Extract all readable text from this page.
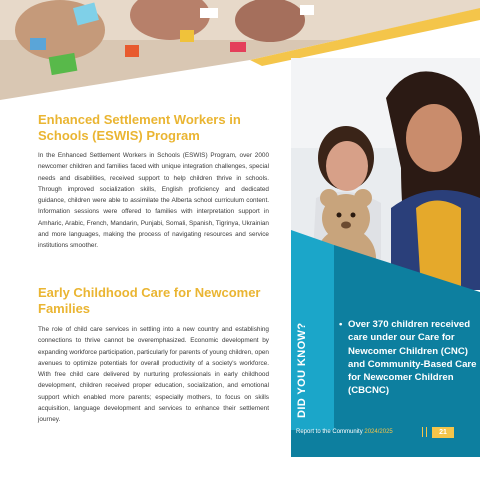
Enhanced Settlement Workers in Schools (ESWIS) Program

In the Enhanced Settlement Workers in Schools (ESWIS) Program, over 2000 newcomer children and families faced with unique integration challenges, special needs and disabilities, received support to help children thrive in schools. Through improved socialization skills, English proficiency and dedicated guidance, children were able to assimilate the Alberta school curriculum content. Information sessions were offered to families with interpretation support in Amharic, Arabic, French, Mandarin, Punjabi, Somali, Spanish, Tigrinya, Ukrainian and more languages, making the process of navigating resources and service institutions smoother.

Early Childhood Care for Newcomer Families

The role of child care services in settling into a new country and establishing connections to thrive cannot be overemphasized. Economic development by expanding workforce participation, particularly for parents of young children, open avenues to optimize potentials for overall productivity of a society's workforce. With free child care delivered by nurturing professionals in early childhood development, children received proper education, socialization, and emotional support which enabled more parents; especially mothers, to focus on skills acquisition, language development and services to enhance their settlement journey.

DID YOU KNOW?	• Over 370 children received care under our Care for Newcomer Children (CNC) and Community-Based Care for Newcomer Children (CBCNC)
Report to the Community 2024/2025	21
